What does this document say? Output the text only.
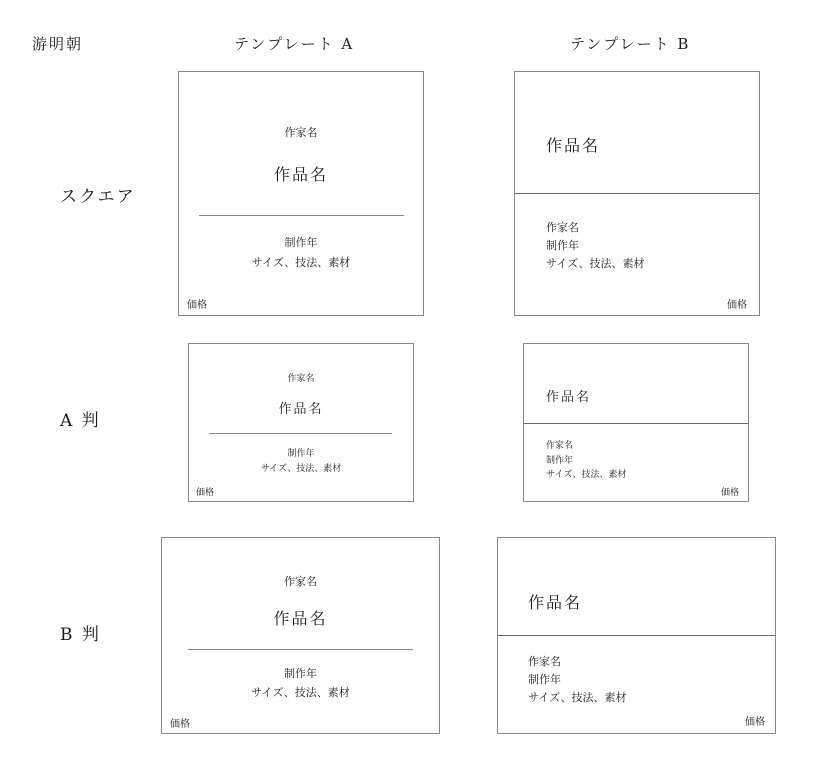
游明朝	テンプレート A	テンプレート B
スクエア
A 判
B 判
作家名
作品名
制作年
サイズ、技法、素材
価格
作品名
作家名
制作年
サイズ、技法、素材
価格
作家名
作品名
制作年
サイズ、技法、素材
価格
作品名
作家名
制作年
サイズ、技法、素材
価格
作家名
作品名
制作年
サイズ、技法、素材
価格
作品名
作家名
制作年
サイズ、技法、素材
価格
